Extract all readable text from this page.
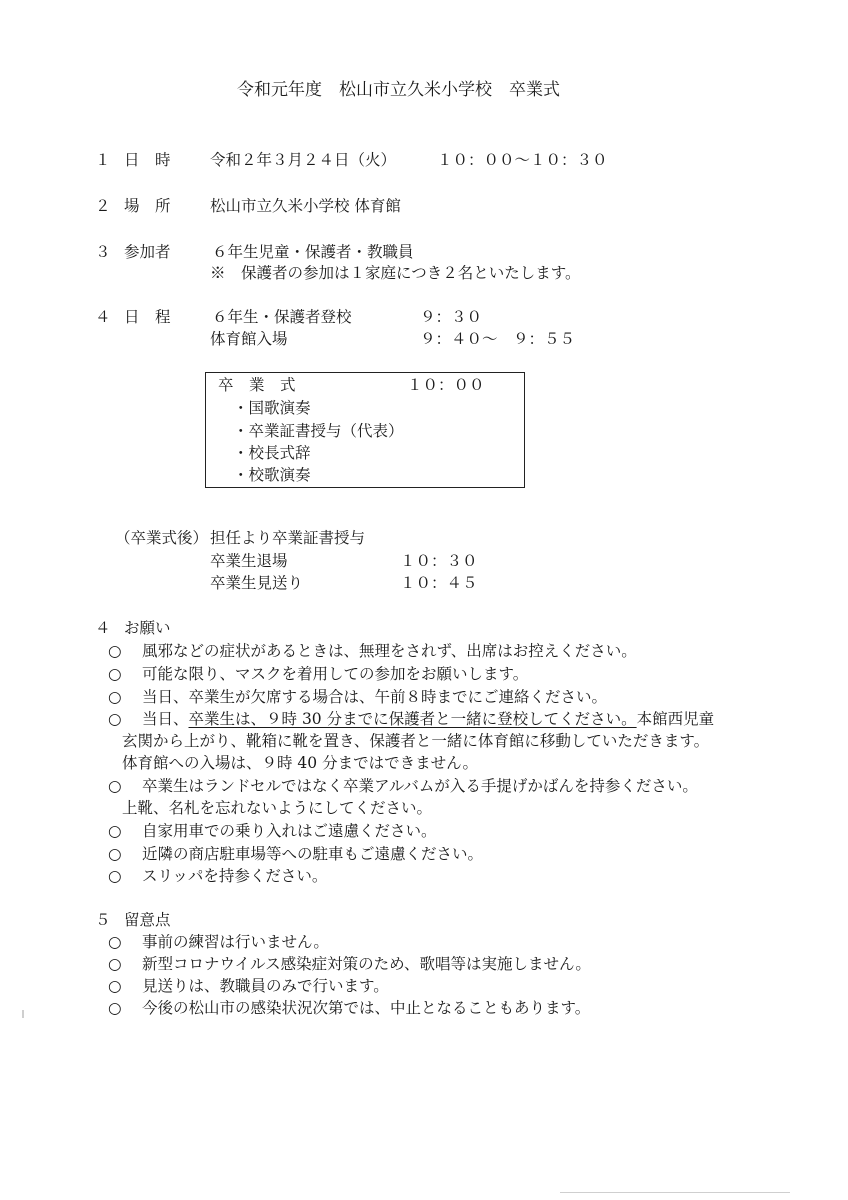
令和元年度　松山市立久米小学校　卒業式
１ 日　時	令和２年３月２４日（火）	１０：００～１０：３０
２ 場　所	松山市立久米小学校 体育館
３ 参加者	６年生児童・保護者・教職員
※　保護者の参加は１家庭につき２名といたします。
４ 日　程	６年生・保護者登校	９：３０
体育館入場	９：４０～　９：５５
卒　業　式	１０：００
・国歌演奏
・卒業証書授与（代表）
・校長式辞
・校歌演奏
（卒業式後） 担任より卒業証書授与
卒業生退場	１０：３０
卒業生見送り	１０：４５
４ お願い
○ 風邪などの症状があるときは、無理をされず、出席はお控えください。
○ 可能な限り、マスクを着用しての参加をお願いします。
○ 当日、卒業生が欠席する場合は、午前８時までにご連絡ください。
○ 当日、卒業生は、９時 30 分までに保護者と一緒に登校してください。本館西児童
玄関から上がり、靴箱に靴を置き、保護者と一緒に体育館に移動していただきます。
体育館への入場は、９時 40 分まではできません。
○ 卒業生はランドセルではなく卒業アルバムが入る手提げかばんを持参ください。
上靴、名札を忘れないようにしてください。
○ 自家用車での乗り入れはご遠慮ください。
○ 近隣の商店駐車場等への駐車もご遠慮ください。
○ スリッパを持参ください。
５ 留意点
○ 事前の練習は行いません。
○ 新型コロナウイルス感染症対策のため、歌唱等は実施しません。
○ 見送りは、教職員のみで行います。
○ 今後の松山市の感染状況次第では、中止となることもあります。
